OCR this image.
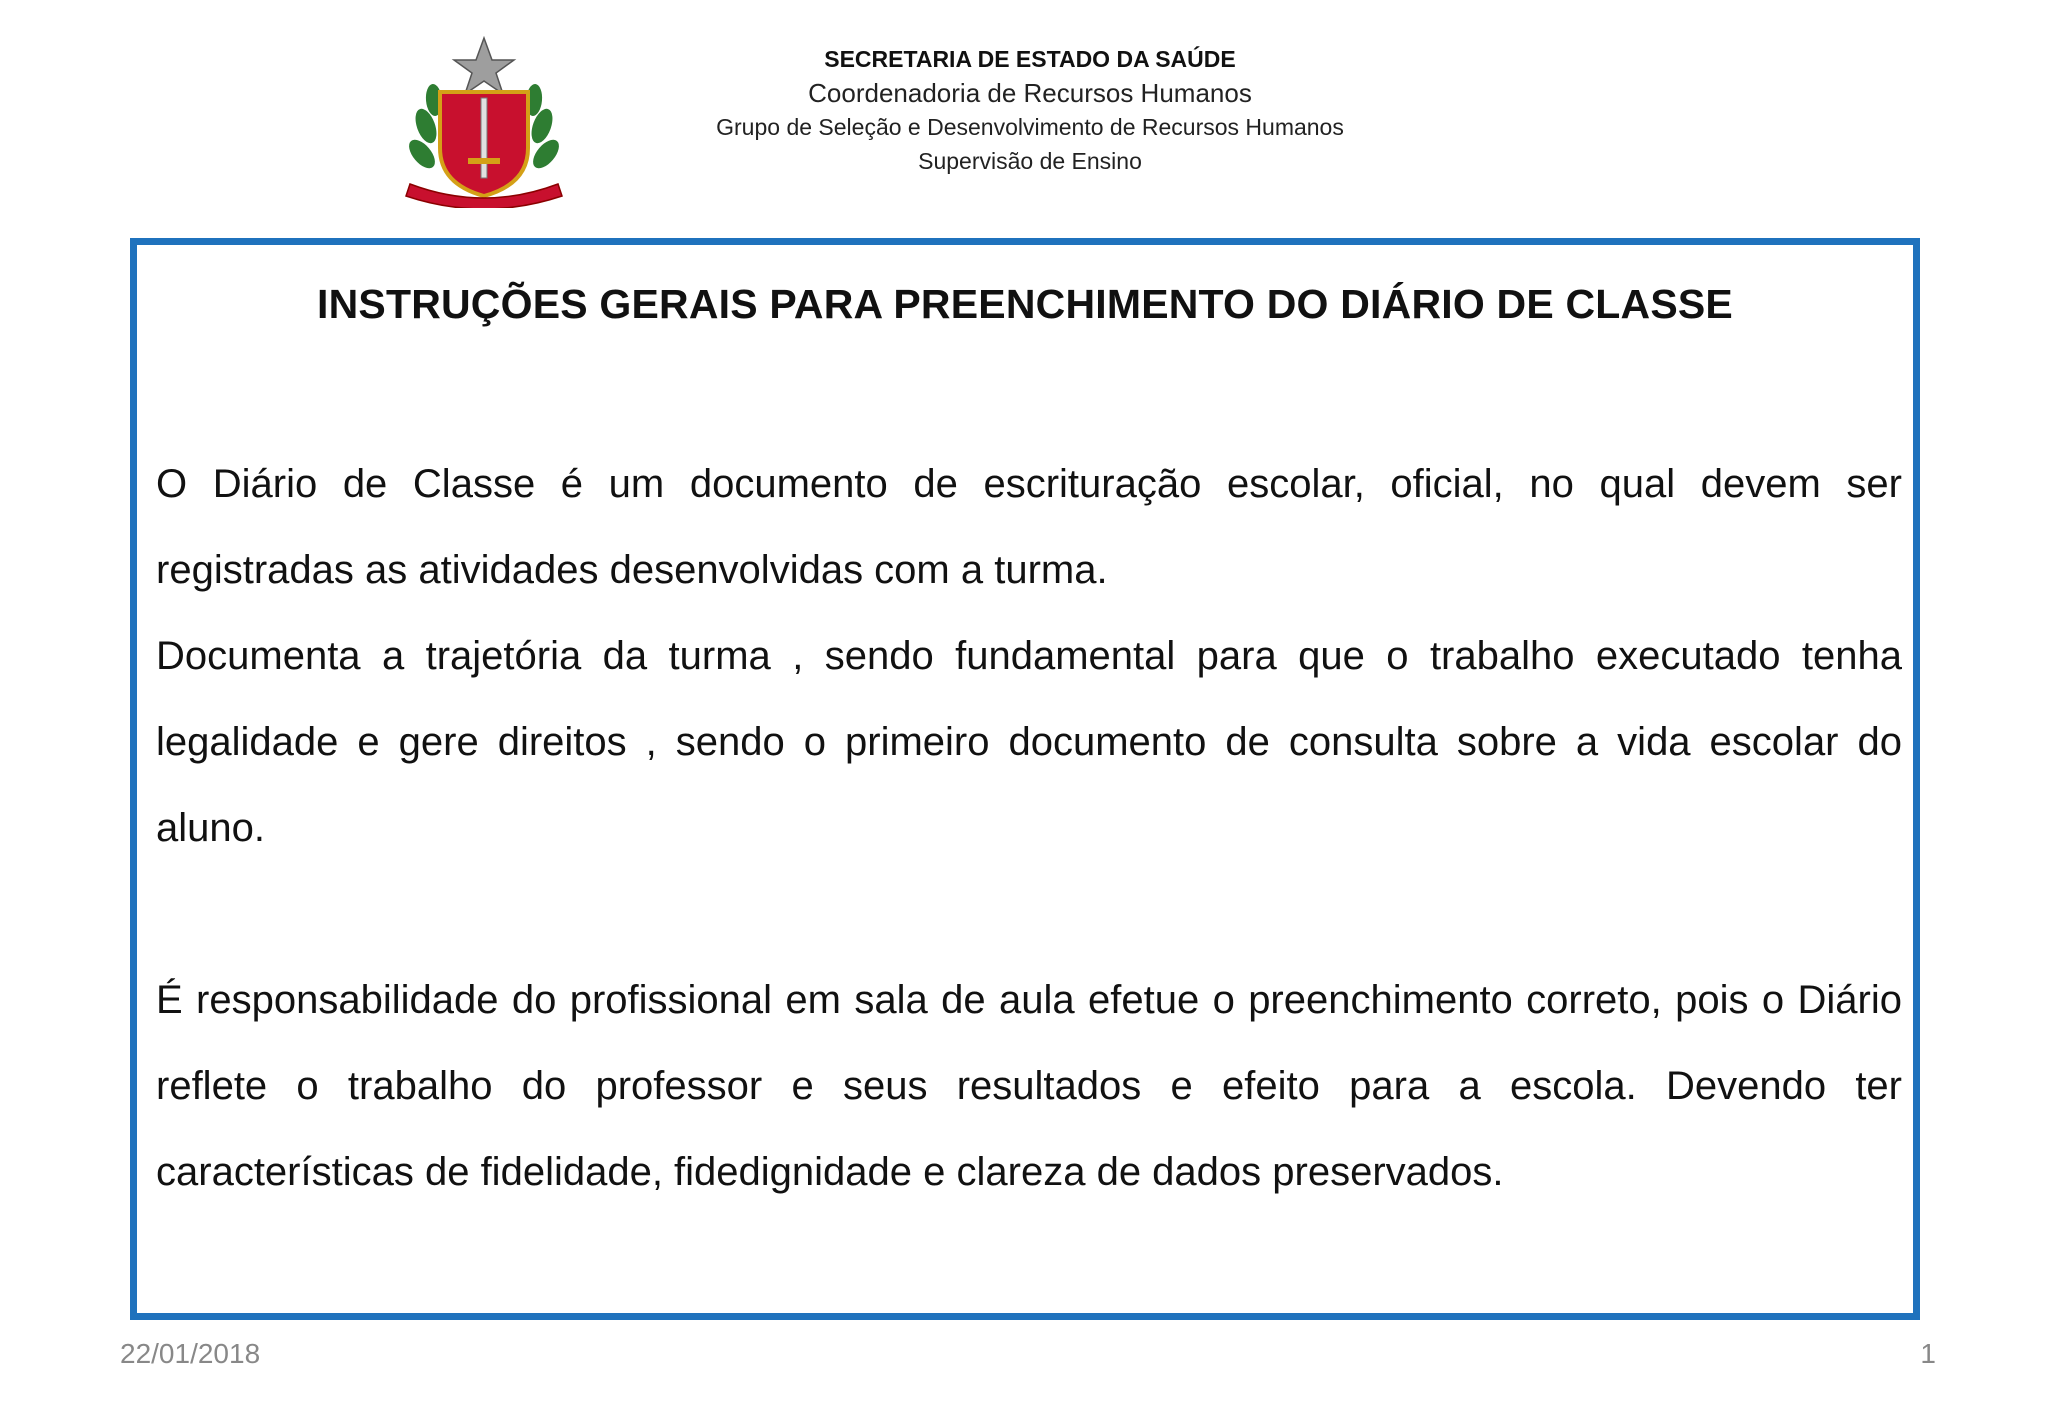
SECRETARIA DE ESTADO DA SAÚDE
Coordenadoria de Recursos Humanos
Grupo de Seleção e Desenvolvimento de Recursos Humanos
Supervisão de Ensino
INSTRUÇÕES GERAIS PARA PREENCHIMENTO DO DIÁRIO DE CLASSE
O Diário de Classe é um documento de escrituração escolar, oficial, no qual devem ser registradas as atividades desenvolvidas com a turma.
Documenta a trajetória da turma , sendo fundamental para que o trabalho executado tenha legalidade e gere direitos , sendo o primeiro documento de consulta sobre a vida escolar do aluno.
É responsabilidade do profissional em sala de aula efetue o preenchimento correto, pois o Diário reflete o trabalho do professor e seus resultados e efeito para a escola. Devendo ter características de fidelidade, fidedignidade e clareza de dados preservados.
22/01/2018	1
